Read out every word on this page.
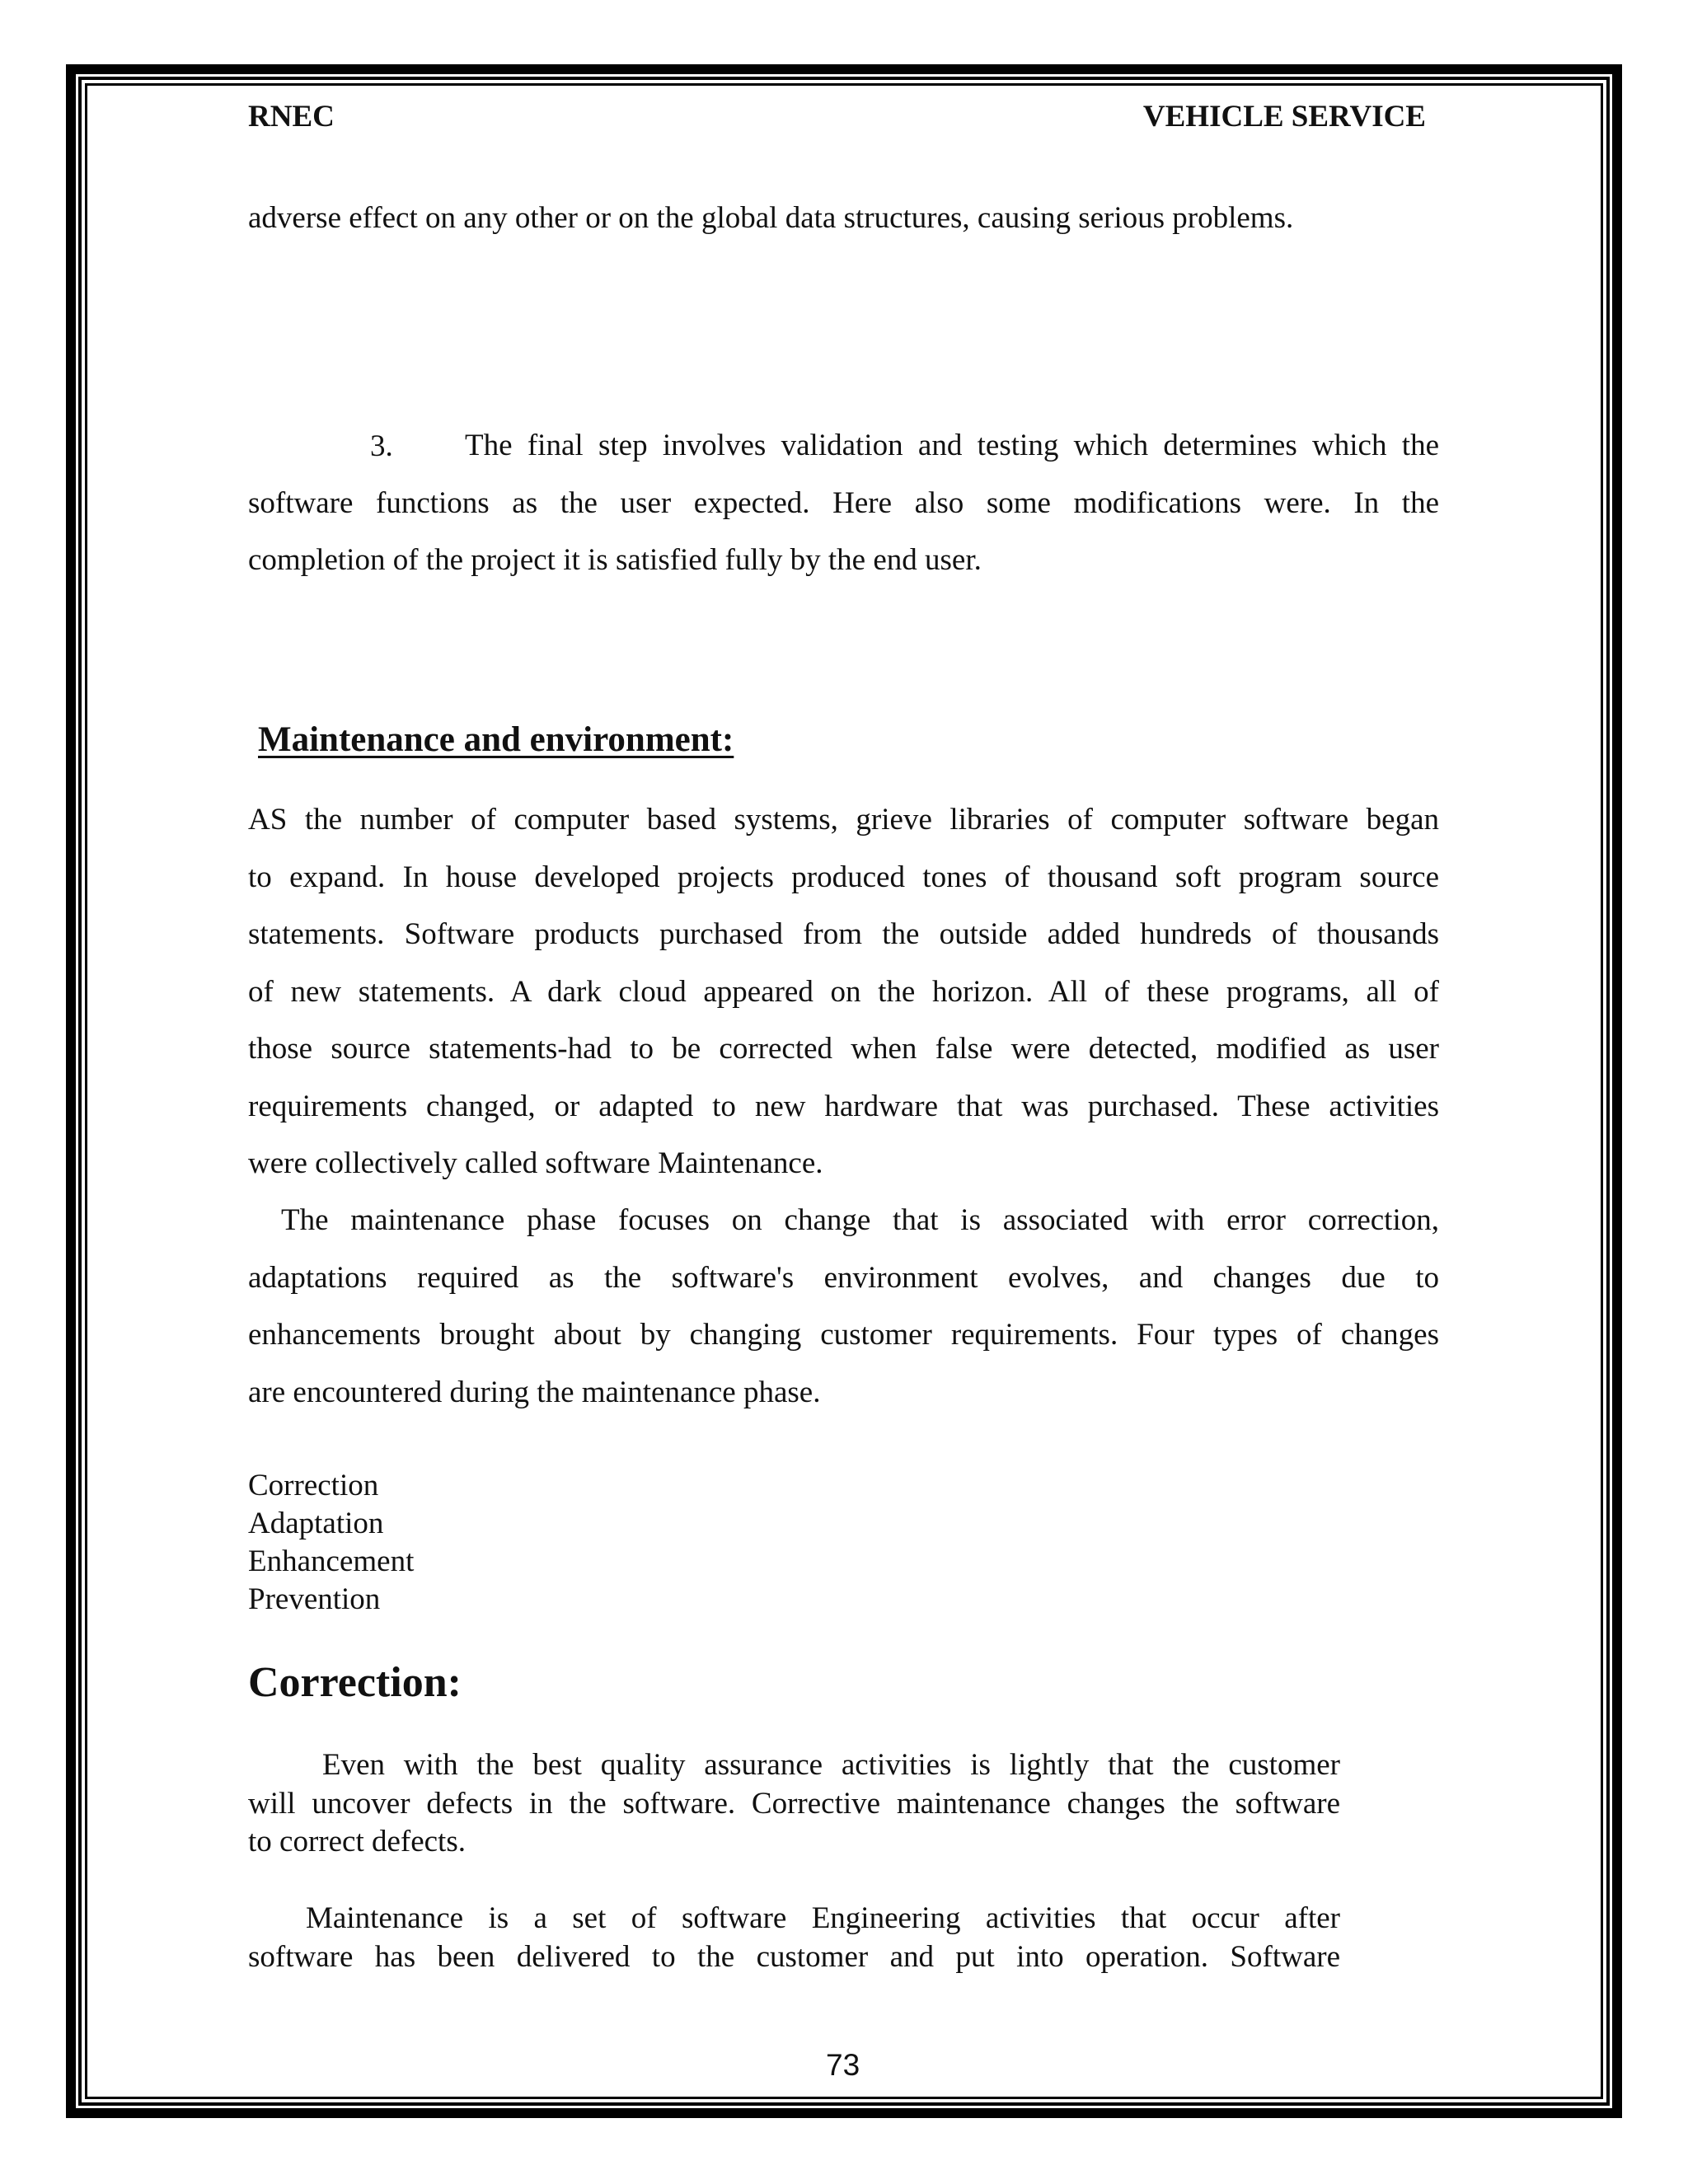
RNEC	VEHICLE SERVICE
adverse effect on any other or on the global data structures, causing serious problems.
3.	The final step involves validation and testing which determines which the
software functions as the user expected. Here also some modifications were. In the
completion of the project it is satisfied fully by the end user.
Maintenance and environment:
AS the number of computer based systems, grieve libraries of computer software began
to expand. In house developed projects produced tones of thousand soft program source
statements. Software products purchased from the outside added hundreds of thousands
of new statements. A dark cloud appeared on the horizon. All of these programs, all of
those source statements-had to be corrected when false were detected, modified as user
requirements changed, or adapted to new hardware that was purchased. These activities
were collectively called software Maintenance.
The maintenance phase focuses on change that is associated with error correction,
adaptations required as the software's environment evolves, and changes due to
enhancements brought about by changing customer requirements. Four types of changes
are encountered during the maintenance phase.
Correction
Adaptation
Enhancement
Prevention
Correction:
Even with the best quality assurance activities is lightly that the customer
will uncover defects in the software. Corrective maintenance changes the software
to correct defects.
Maintenance is a set of software Engineering activities that occur after
software has been delivered to the customer and put into operation. Software
73
